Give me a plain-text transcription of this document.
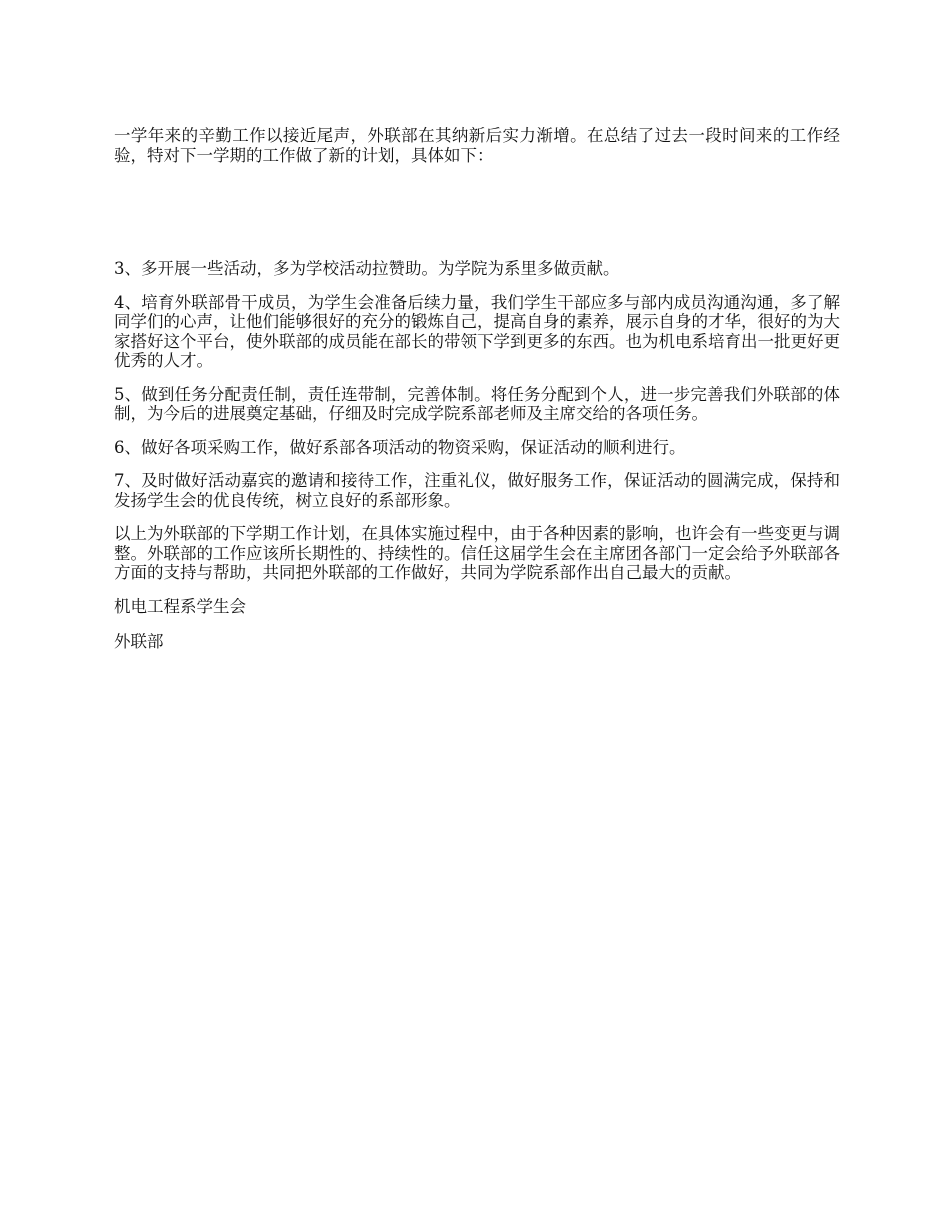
一学年来的辛勤工作以接近尾声，外联部在其纳新后实力渐增。在总结了过去一段时间来的工作经验，特对下一学期的工作做了新的计划，具体如下：

3、多开展一些活动，多为学校活动拉赞助。为学院为系里多做贡献。

4、培育外联部骨干成员，为学生会准备后续力量，我们学生干部应多与部内成员沟通沟通，多了解同学们的心声，让他们能够很好的充分的锻炼自己，提高自身的素养，展示自身的才华，很好的为大家搭好这个平台，使外联部的成员能在部长的带领下学到更多的东西。也为机电系培育出一批更好更优秀的人才。

5、做到任务分配责任制，责任连带制，完善体制。将任务分配到个人，进一步完善我们外联部的体制，为今后的进展奠定基础，仔细及时完成学院系部老师及主席交给的各项任务。

6、做好各项采购工作，做好系部各项活动的物资采购，保证活动的顺利进行。

7、及时做好活动嘉宾的邀请和接待工作，注重礼仪，做好服务工作，保证活动的圆满完成，保持和发扬学生会的优良传统，树立良好的系部形象。

以上为外联部的下学期工作计划，在具体实施过程中，由于各种因素的影响，也许会有一些变更与调整。外联部的工作应该所长期性的、持续性的。信任这届学生会在主席团各部门一定会给予外联部各方面的支持与帮助，共同把外联部的工作做好，共同为学院系部作出自己最大的贡献。

机电工程系学生会

外联部
